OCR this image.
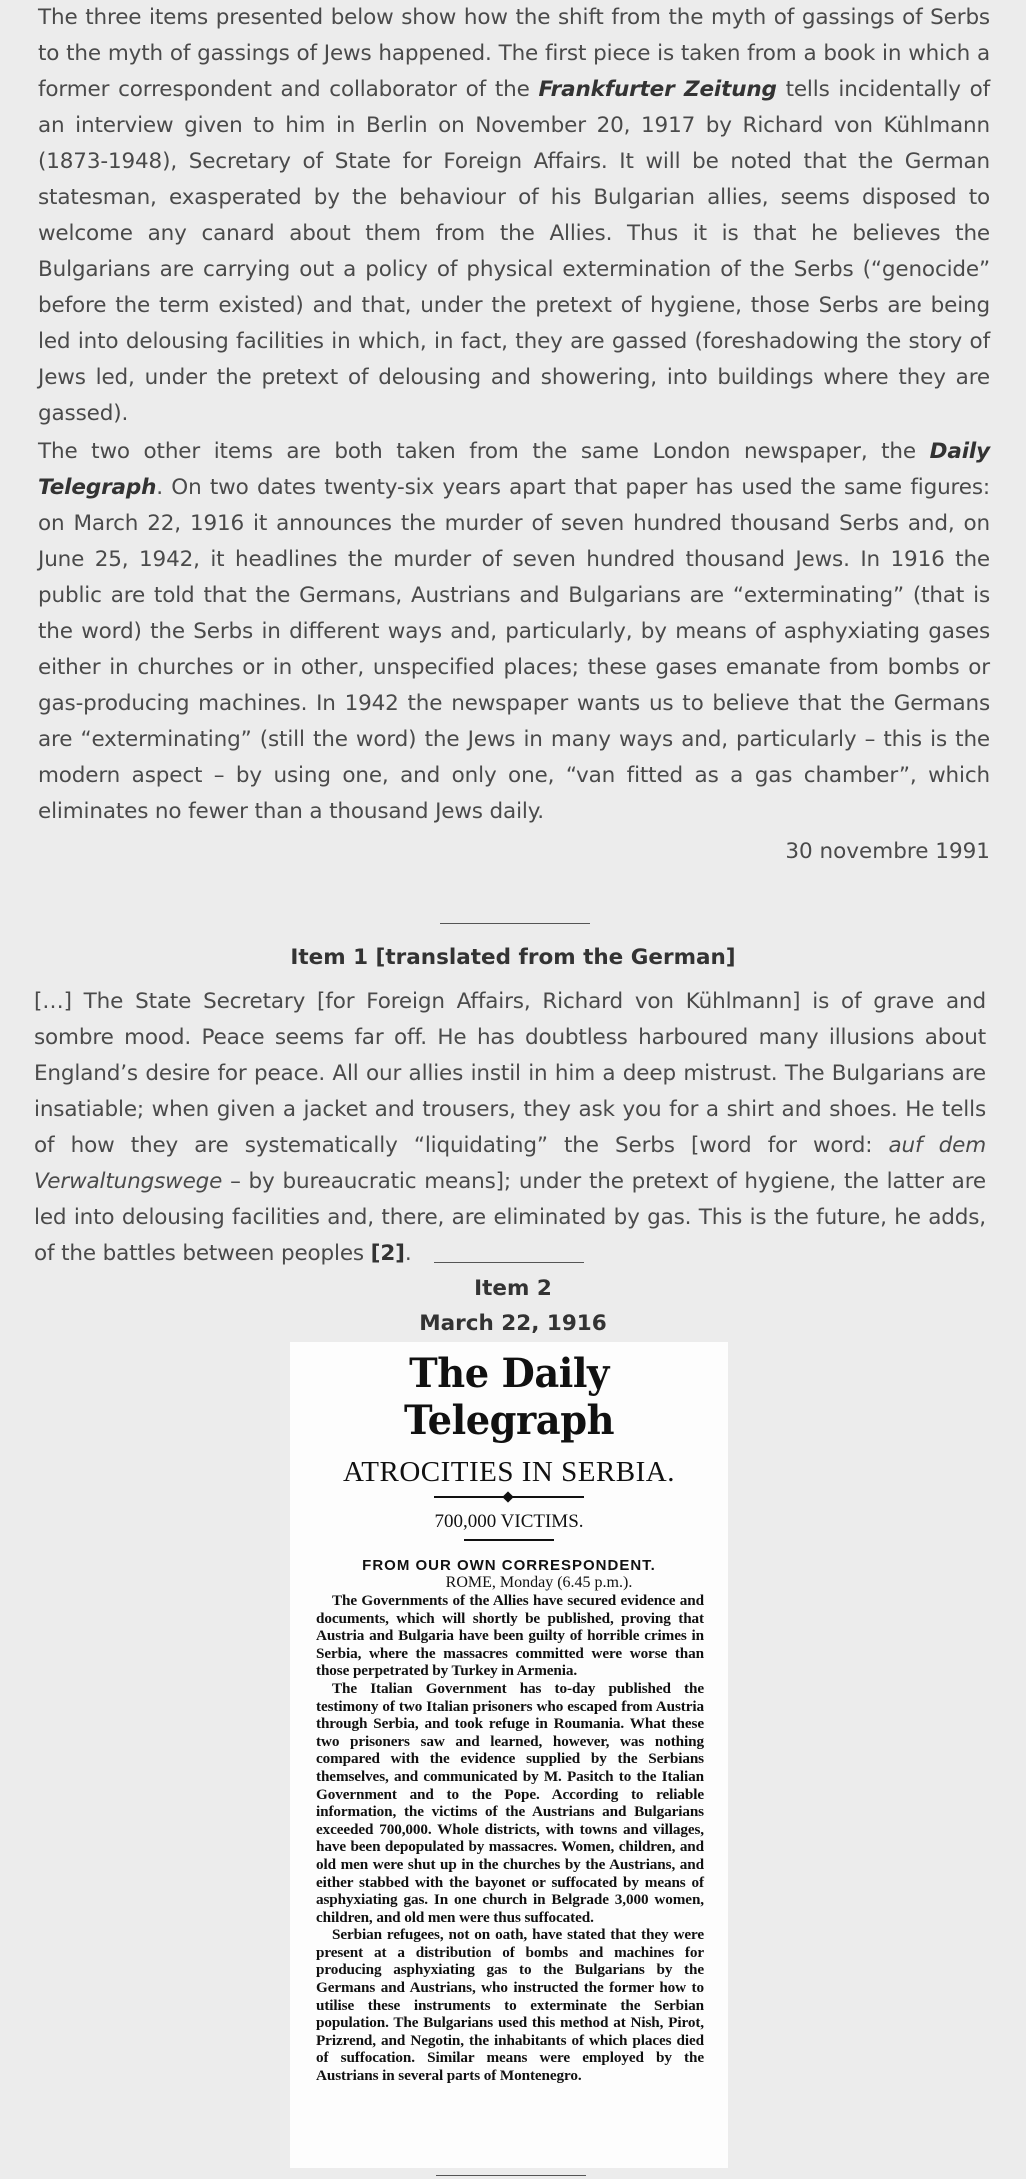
The three items presented below show how the shift from the myth of gassings of Serbs to the myth of gassings of Jews happened. The first piece is taken from a book in which a former correspondent and collaborator of the Frankfurter Zeitung tells incidentally of an interview given to him in Berlin on November 20, 1917 by Richard von Kühlmann (1873-1948), Secretary of State for Foreign Affairs. It will be noted that the German statesman, exasperated by the behaviour of his Bulgarian allies, seems disposed to welcome any canard about them from the Allies. Thus it is that he believes the Bulgarians are carrying out a policy of physical extermination of the Serbs (“genocide” before the term existed) and that, under the pretext of hygiene, those Serbs are being led into delousing facilities in which, in fact, they are gassed (foreshadowing the story of Jews led, under the pretext of delousing and showering, into buildings where they are gassed).

The two other items are both taken from the same London newspaper, the Daily Telegraph. On two dates twenty-six years apart that paper has used the same figures: on March 22, 1916 it announces the murder of seven hundred thousand Serbs and, on June 25, 1942, it headlines the murder of seven hundred thousand Jews. In 1916 the public are told that the Germans, Austrians and Bulgarians are “exterminating” (that is the word) the Serbs in different ways and, particularly, by means of asphyxiating gases either in churches or in other, unspecified places; these gases emanate from bombs or gas-producing machines. In 1942 the newspaper wants us to believe that the Germans are “exterminating” (still the word) the Jews in many ways and, particularly – this is the modern aspect – by using one, and only one, “van fitted as a gas chamber”, which eliminates no fewer than a thousand Jews daily.

30 novembre 1991
Item 1 [translated from the German]

[…] The State Secretary [for Foreign Affairs, Richard von Kühlmann] is of grave and sombre mood. Peace seems far off. He has doubtless harboured many illusions about England’s desire for peace. All our allies instil in him a deep mistrust. The Bulgarians are insatiable; when given a jacket and trousers, they ask you for a shirt and shoes. He tells of how they are systematically “liquidating” the Serbs [word for word: auf dem Verwaltungswege – by bureaucratic means]; under the pretext of hygiene, the latter are led into delousing facilities and, there, are eliminated by gas. This is the future, he adds, of the battles between peoples [2].

Item 2
March 22, 1916
The Daily Telegraph
ATROCITIES IN SERBIA.
700,000 VICTIMS.
FROM OUR OWN CORRESPONDENT.
ROME, Monday (6.45 p.m.).

The Governments of the Allies have secured evidence and documents, which will shortly be published, proving that Austria and Bulgaria have been guilty of horrible crimes in Serbia, where the massacres committed were worse than those perpetrated by Turkey in Armenia.

The Italian Government has to-day published the testimony of two Italian prisoners who escaped from Austria through Serbia, and took refuge in Roumania. What these two prisoners saw and learned, however, was nothing compared with the evidence supplied by the Serbians themselves, and communicated by M. Pasitch to the Italian Government and to the Pope. According to reliable information, the victims of the Austrians and Bulgarians exceeded 700,000. Whole districts, with towns and villages, have been depopulated by massacres. Women, children, and old men were shut up in the churches by the Austrians, and either stabbed with the bayonet or suffocated by means of asphyxiating gas. In one church in Belgrade 3,000 women, children, and old men were thus suffocated.

Serbian refugees, not on oath, have stated that they were present at a distribution of bombs and machines for producing asphyxiating gas to the Bulgarians by the Germans and Austrians, who instructed the former how to utilise these instruments to exterminate the Serbian population. The Bulgarians used this method at Nish, Pirot, Prizrend, and Negotin, the inhabitants of which places died of suffocation. Similar means were employed by the Austrians in several parts of Montenegro.
